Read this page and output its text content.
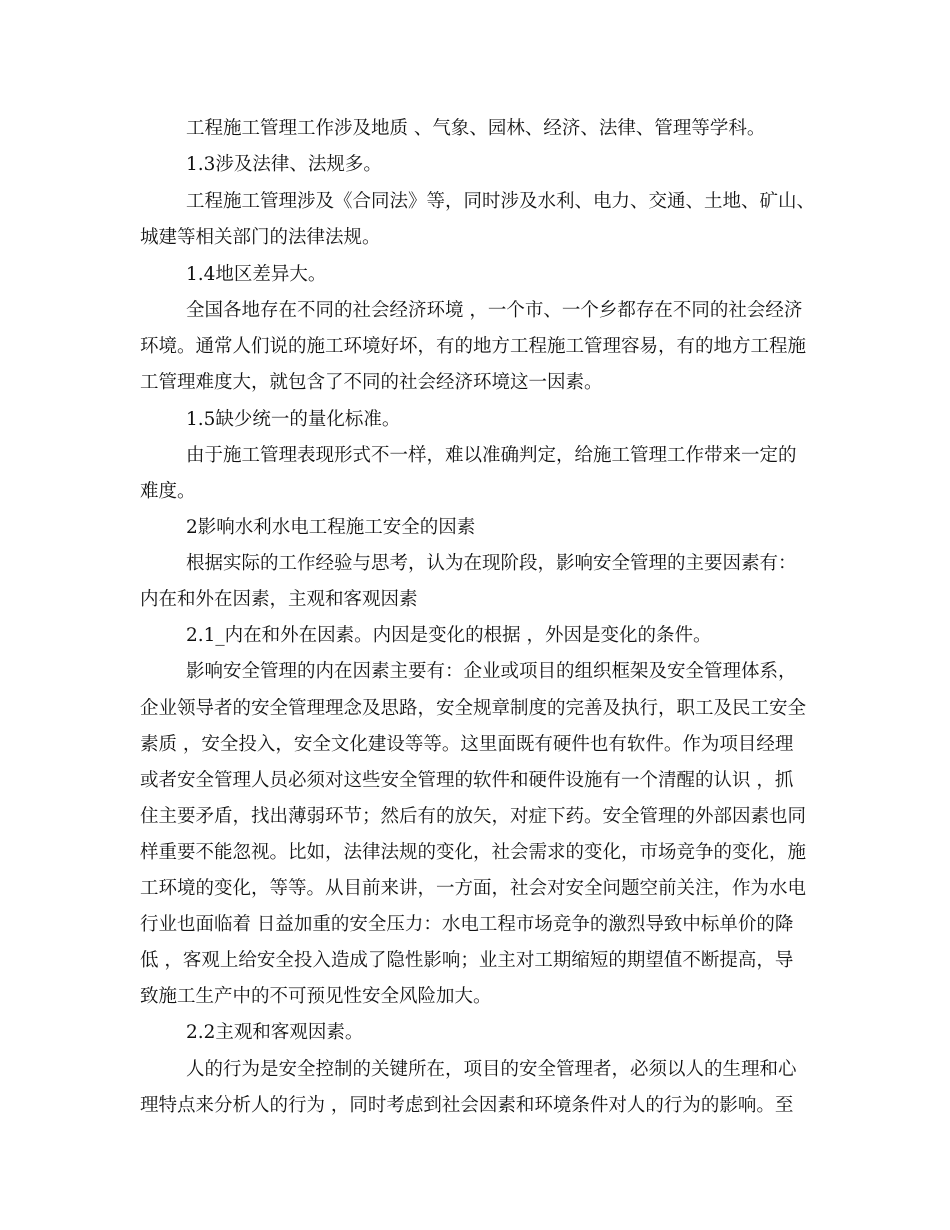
工程施工管理工作涉及地质 、气象、园林、经济、法律、管理等学科。

1.3涉及法律、法规多。

工程施工管理涉及《合同法》等，同时涉及水利、电力、交通、土地、矿山、

城建等相关部门的法律法规。

1.4地区差异大。

全国各地存在不同的社会经济环境 ，一个市、一个乡都存在不同的社会经济

环境。通常人们说的施工环境好坏，有的地方工程施工管理容易，有的地方工程施

工管理难度大，就包含了不同的社会经济环境这一因素。

1.5缺少统一的量化标准。

由于施工管理表现形式不一样，难以准确判定，给施工管理工作带来一定的

难度。

2影响水利水电工程施工安全的因素

根据实际的工作经验与思考，认为在现阶段，影响安全管理的主要因素有：

内在和外在因素，主观和客观因素

2.1_内在和外在因素。内因是变化的根据 ，外因是变化的条件。

影响安全管理的内在因素主要有：企业或项目的组织框架及安全管理体系，

企业领导者的安全管理理念及思路，安全规章制度的完善及执行，职工及民工安全

素质 ，安全投入，安全文化建设等等。这里面既有硬件也有软件。作为项目经理

或者安全管理人员必须对这些安全管理的软件和硬件设施有一个清醒的认识 ，抓

住主要矛盾，找出薄弱环节；然后有的放矢，对症下药。安全管理的外部因素也同

样重要不能忽视。比如，法律法规的变化，社会需求的变化，市场竞争的变化，施

工环境的变化，等等。从目前来讲，一方面，社会对安全问题空前关注，作为水电

行业也面临着 日益加重的安全压力：水电工程市场竞争的激烈导致中标单价的降

低 ，客观上给安全投入造成了隐性影响；业主对工期缩短的期望值不断提高，导

致施工生产中的不可预见性安全风险加大。

2.2主观和客观因素。

人的行为是安全控制的关键所在，项目的安全管理者，必须以人的生理和心

理特点来分析人的行为 ，同时考虑到社会因素和环境条件对人的行为的影响。至
